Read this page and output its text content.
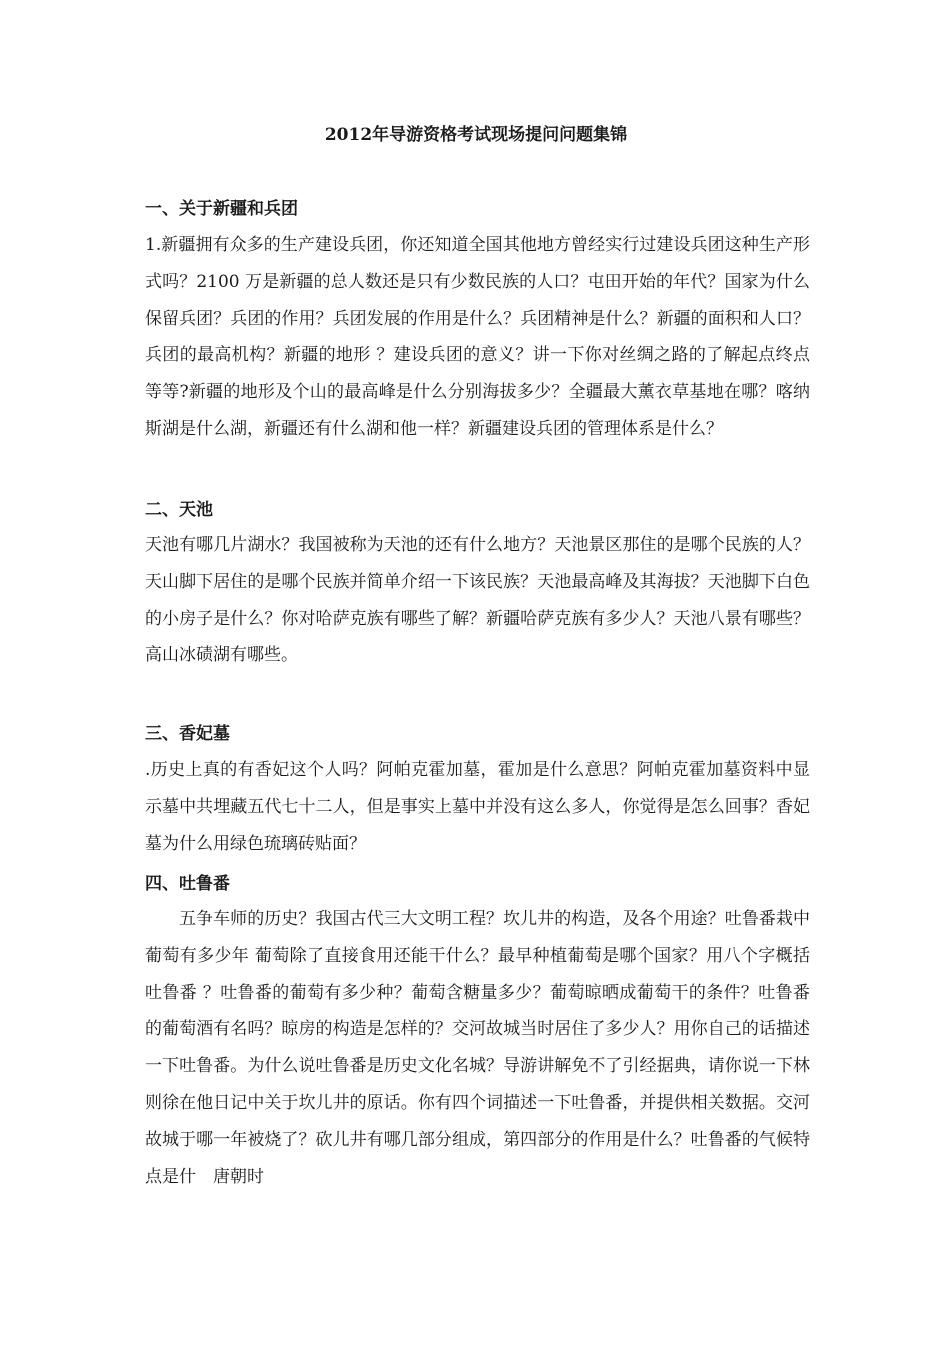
2012年导游资格考试现场提问问题集锦
一、关于新疆和兵团

1.新疆拥有众多的生产建设兵团，你还知道全国其他地方曾经实行过建设兵团这种生产形式吗？2100 万是新疆的总人数还是只有少数民族的人口？屯田开始的年代？国家为什么保留兵团？兵团的作用？兵团发展的作用是什么？兵团精神是什么？新疆的面积和人口？兵团的最高机构？新疆的地形 ？建设兵团的意义？讲一下你对丝绸之路的了解起点终点等等?新疆的地形及个山的最高峰是什么分别海拔多少？全疆最大薰衣草基地在哪？喀纳斯湖是什么湖，新疆还有什么湖和他一样？新疆建设兵团的管理体系是什么？

二、天池

天池有哪几片湖水？我国被称为天池的还有什么地方？天池景区那住的是哪个民族的人？天山脚下居住的是哪个民族并简单介绍一下该民族？天池最高峰及其海拔？天池脚下白色的小房子是什么？你对哈萨克族有哪些了解？新疆哈萨克族有多少人？天池八景有哪些？高山冰碛湖有哪些。

三、香妃墓

.历史上真的有香妃这个人吗？阿帕克霍加墓，霍加是什么意思？阿帕克霍加墓资料中显示墓中共埋藏五代七十二人，但是事实上墓中并没有这么多人，你觉得是怎么回事？香妃墓为什么用绿色琉璃砖贴面？

四、吐鲁番

五争车师的历史？我国古代三大文明工程？坎儿井的构造，及各个用途？吐鲁番栽中葡萄有多少年 葡萄除了直接食用还能干什么？最早种植葡萄是哪个国家？用八个字概括吐鲁番 ？吐鲁番的葡萄有多少种？葡萄含糖量多少？葡萄晾晒成葡萄干的条件？吐鲁番的葡萄酒有名吗？晾房的构造是怎样的？交河故城当时居住了多少人？用你自己的话描述一下吐鲁番。为什么说吐鲁番是历史文化名城？导游讲解免不了引经据典，请你说一下林则徐在他日记中关于坎儿井的原话。你有四个词描述一下吐鲁番，并提供相关数据。交河故城于哪一年被烧了？砍儿井有哪几部分组成，第四部分的作用是什么？吐鲁番的气候特点是什　唐朝时
